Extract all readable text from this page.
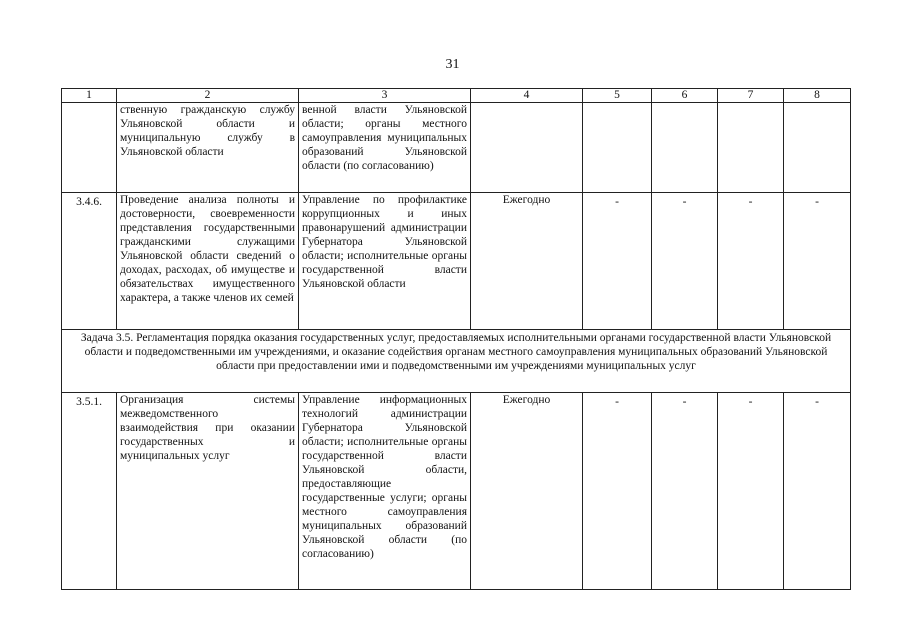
31
1	2	3	4	5	6	7	8
	ственную гражданскую службу Ульяновской области и муниципальную службу в Ульяновской области	венной власти Ульяновской области; органы местного самоуправления муниципальных образований Ульяновской области (по согласованию)					
3.4.6.	Проведение анализа полноты и достоверности, своевременности представления государственными гражданскими служащими Ульяновской области сведений о доходах, расходах, об имуществе и обязательствах имущественного характера, а также членов их семей	Управление по профилактике коррупционных и иных правонарушений администрации Губернатора Ульяновской области; исполнительные органы государственной власти Ульяновской области	Ежегодно	-	-	-	-

Задача 3.5. Регламентация порядка оказания государственных услуг, предоставляемых исполнительными органами государственной власти Ульяновской области и подведомственными им учреждениями, и оказание содействия органам местного самоуправления муниципальных образований Ульяновской области при предоставлении ими и подведомственными им учреждениями муниципальных услуг							
3.5.1.	Организация системы межведомственного взаимодействия при оказании государственных и муниципальных услуг	Управление информационных технологий администрации Губернатора Ульяновской области; исполнительные органы государственной власти Ульяновской области, предоставляющие государственные услуги; органы местного самоуправления муниципальных образований Ульяновской области (по согласованию)	Ежегодно	-	-	-	-
